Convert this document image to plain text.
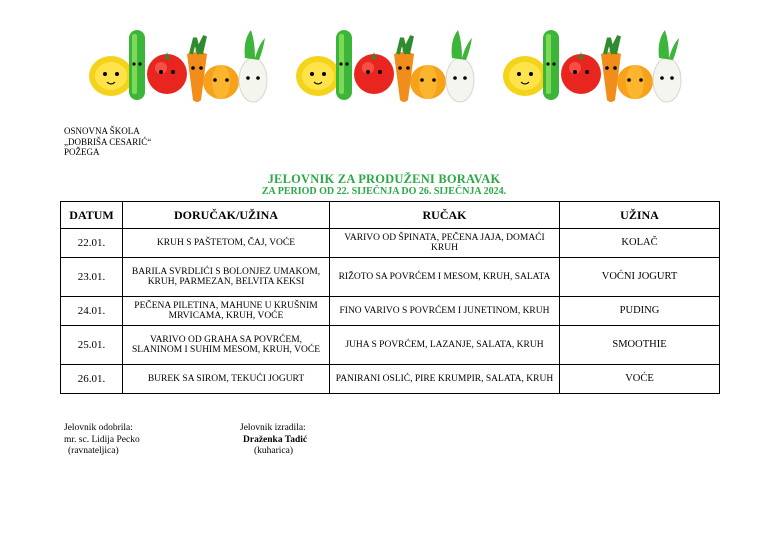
OSNOVNA ŠKOLA
„DOBRIŠA CESARIĆ“
POŽEGA
JELOVNIK ZA PRODUŽENI BORAVAK
ZA PERIOD OD 22. SIJEČNJA DO 26. SIJEČNJA 2024.
DATUM	DORUČAK/UŽINA	RUČAK	UŽINA
22.01.	KRUH S PAŠTETOM, ČAJ, VOĆE	VARIVO OD ŠPINATA, PEČENA JAJA, DOMAĆI KRUH	KOLAČ
23.01.	BARILA SVRDLIĆI S BOLONJEZ UMAKOM, KRUH, PARMEZAN, BELVITA KEKSI	RIŽOTO SA POVRĆEM I MESOM, KRUH, SALATA	VOĆNI JOGURT
24.01.	PEČENA PILETINA, MAHUNE U KRUŠNIM MRVICAMA, KRUH, VOĆE	FINO VARIVO S POVRĆEM I JUNETINOM, KRUH	PUDING
25.01.	VARIVO OD GRAHA SA POVRĆEM, SLANINOM I SUHIM MESOM, KRUH, VOĆE	JUHA S POVRĆEM, LAZANJE, SALATA, KRUH	SMOOTHIE
26.01.	BUREK SA SIROM, TEKUĆI JOGURT	PANIRANI OSLIĆ, PIRE KRUMPIR, SALATA, KRUH	VOĆE
Jelovnik odobrila:
mr. sc. Lidija Pecko
(ravnateljica)
Jelovnik izradila:
Draženka Tadić
(kuharica)
